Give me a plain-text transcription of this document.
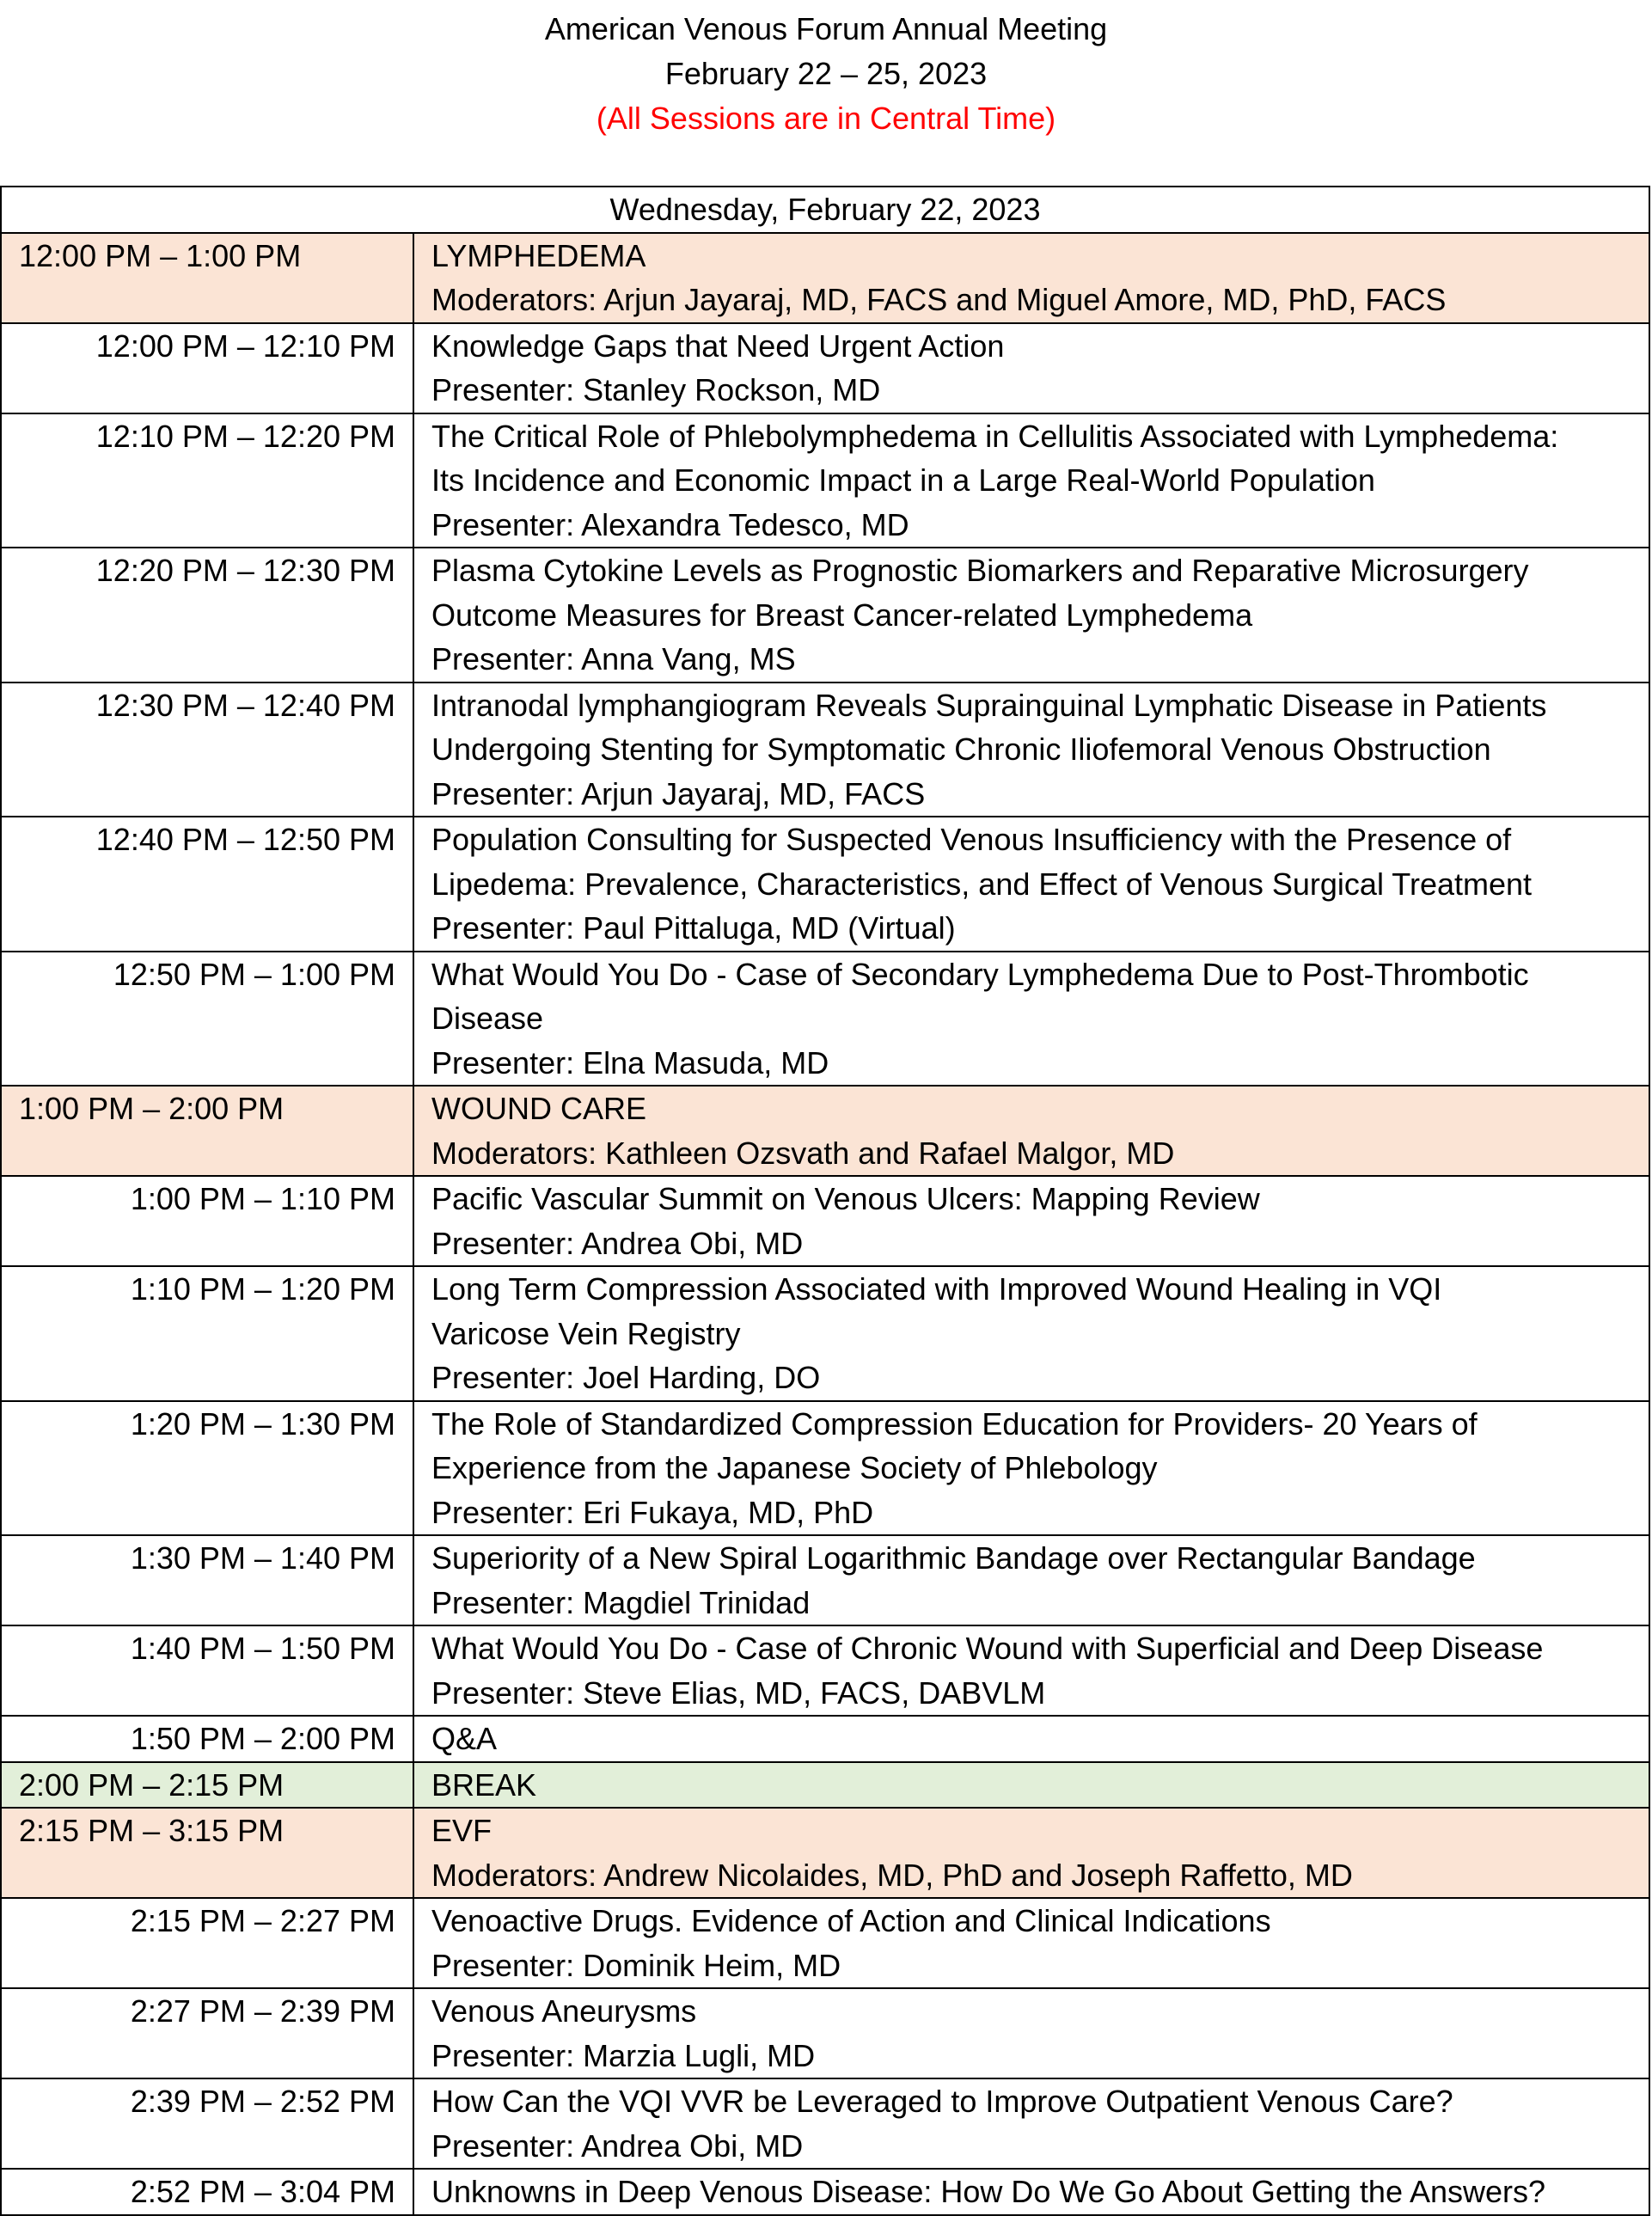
American Venous Forum Annual Meeting
February 22 – 25, 2023
(All Sessions are in Central Time)
Wednesday, February 22, 2023	
12:00 PM – 1:00 PM	LYMPHEDEMA
Moderators: Arjun Jayaraj, MD, FACS and Miguel Amore, MD, PhD, FACS

12:00 PM – 12:10 PM	Knowledge Gaps that Need Urgent Action
Presenter: Stanley Rockson, MD

12:10 PM – 12:20 PM	The Critical Role of Phlebolymphedema in Cellulitis Associated with Lymphedema:
Its Incidence and Economic Impact in a Large Real-World Population
Presenter: Alexandra Tedesco, MD

12:20 PM – 12:30 PM	Plasma Cytokine Levels as Prognostic Biomarkers and Reparative Microsurgery
Outcome Measures for Breast Cancer-related Lymphedema
Presenter: Anna Vang, MS

12:30 PM – 12:40 PM	Intranodal lymphangiogram Reveals Suprainguinal Lymphatic Disease in Patients
Undergoing Stenting for Symptomatic Chronic Iliofemoral Venous Obstruction
Presenter: Arjun Jayaraj, MD, FACS

12:40 PM – 12:50 PM	Population Consulting for Suspected Venous Insufficiency with the Presence of
Lipedema: Prevalence, Characteristics, and Effect of Venous Surgical Treatment
Presenter: Paul Pittaluga, MD (Virtual)

12:50 PM – 1:00 PM	What Would You Do - Case of Secondary Lymphedema Due to Post-Thrombotic
Disease
Presenter: Elna Masuda, MD

1:00 PM – 2:00 PM	WOUND CARE
Moderators: Kathleen Ozsvath and Rafael Malgor, MD

1:00 PM – 1:10 PM	Pacific Vascular Summit on Venous Ulcers: Mapping Review
Presenter: Andrea Obi, MD

1:10 PM – 1:20 PM	Long Term Compression Associated with Improved Wound Healing in VQI
Varicose Vein Registry
Presenter: Joel Harding, DO

1:20 PM – 1:30 PM	The Role of Standardized Compression Education for Providers- 20 Years of
Experience from the Japanese Society of Phlebology
Presenter: Eri Fukaya, MD, PhD

1:30 PM – 1:40 PM	Superiority of a New Spiral Logarithmic Bandage over Rectangular Bandage
Presenter: Magdiel Trinidad

1:40 PM – 1:50 PM	What Would You Do - Case of Chronic Wound with Superficial and Deep Disease
Presenter: Steve Elias, MD, FACS, DABVLM

1:50 PM – 2:00 PM	Q&A

2:00 PM – 2:15 PM	BREAK

2:15 PM – 3:15 PM	EVF
Moderators: Andrew Nicolaides, MD, PhD and Joseph Raffetto, MD

2:15 PM – 2:27 PM	Venoactive Drugs. Evidence of Action and Clinical Indications
Presenter: Dominik Heim, MD

2:27 PM – 2:39 PM	Venous Aneurysms
Presenter: Marzia Lugli, MD

2:39 PM – 2:52 PM	How Can the VQI VVR be Leveraged to Improve Outpatient Venous Care?
Presenter: Andrea Obi, MD

2:52 PM – 3:04 PM	Unknowns in Deep Venous Disease: How Do We Go About Getting the Answers?
